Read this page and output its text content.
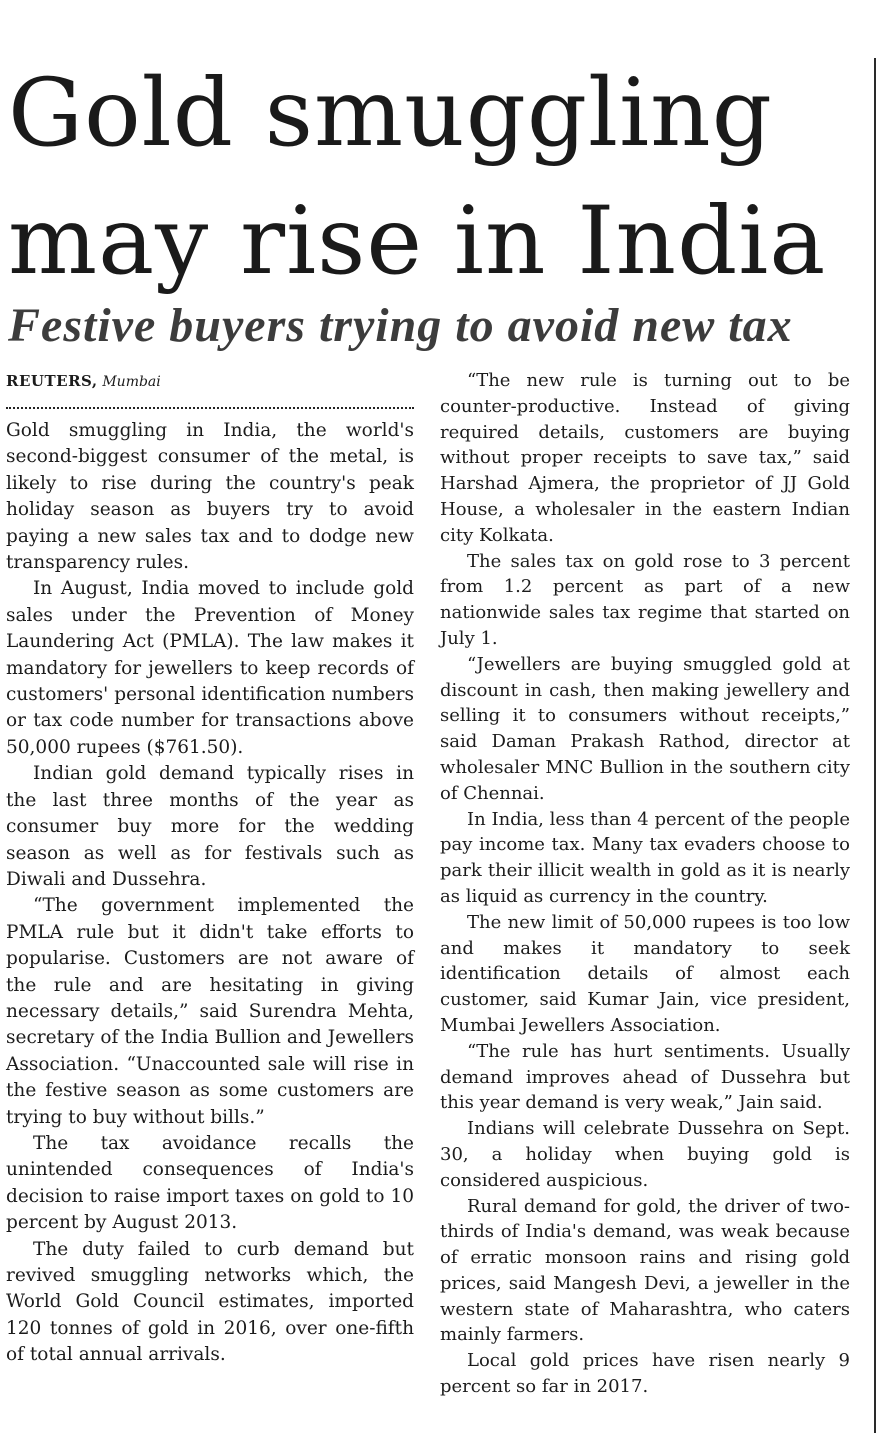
Gold smuggling may rise in India
Festive buyers trying to avoid new tax
REUTERS, Mumbai

Gold smuggling in India, the world's second-biggest consumer of the metal, is likely to rise during the country's peak holiday season as buyers try to avoid paying a new sales tax and to dodge new transparency rules.

In August, India moved to include gold sales under the Prevention of Money Laundering Act (PMLA). The law makes it mandatory for jewellers to keep records of customers' personal identification numbers or tax code number for transactions above 50,000 rupees ($761.50).

Indian gold demand typically rises in the last three months of the year as consumer buy more for the wedding season as well as for festivals such as Diwali and Dussehra.

“The government implemented the PMLA rule but it didn't take efforts to popularise. Customers are not aware of the rule and are hesitating in giving necessary details,” said Surendra Mehta, secretary of the India Bullion and Jewellers Association. “Unaccounted sale will rise in the festive season as some customers are trying to buy without bills.”

The tax avoidance recalls the unintended consequences of India's decision to raise import taxes on gold to 10 percent by August 2013.

The duty failed to curb demand but revived smuggling networks which, the World Gold Council estimates, imported 120 tonnes of gold in 2016, over one-fifth of total annual arrivals.

“The new rule is turning out to be counter-productive. Instead of giving required details, customers are buying without proper receipts to save tax,” said Harshad Ajmera, the proprietor of JJ Gold House, a wholesaler in the eastern Indian city Kolkata.

The sales tax on gold rose to 3 percent from 1.2 percent as part of a new nationwide sales tax regime that started on July 1.

“Jewellers are buying smuggled gold at discount in cash, then making jewellery and selling it to consumers without receipts,” said Daman Prakash Rathod, director at wholesaler MNC Bullion in the southern city of Chennai.

In India, less than 4 percent of the people pay income tax. Many tax evaders choose to park their illicit wealth in gold as it is nearly as liquid as currency in the country.

The new limit of 50,000 rupees is too low and makes it mandatory to seek identification details of almost each customer, said Kumar Jain, vice president, Mumbai Jewellers Association.

“The rule has hurt sentiments. Usually demand improves ahead of Dussehra but this year demand is very weak,” Jain said.

Indians will celebrate Dussehra on Sept. 30, a holiday when buying gold is considered auspicious.

Rural demand for gold, the driver of two-thirds of India's demand, was weak because of erratic monsoon rains and rising gold prices, said Mangesh Devi, a jeweller in the western state of Maharashtra, who caters mainly farmers.

Local gold prices have risen nearly 9 percent so far in 2017.
